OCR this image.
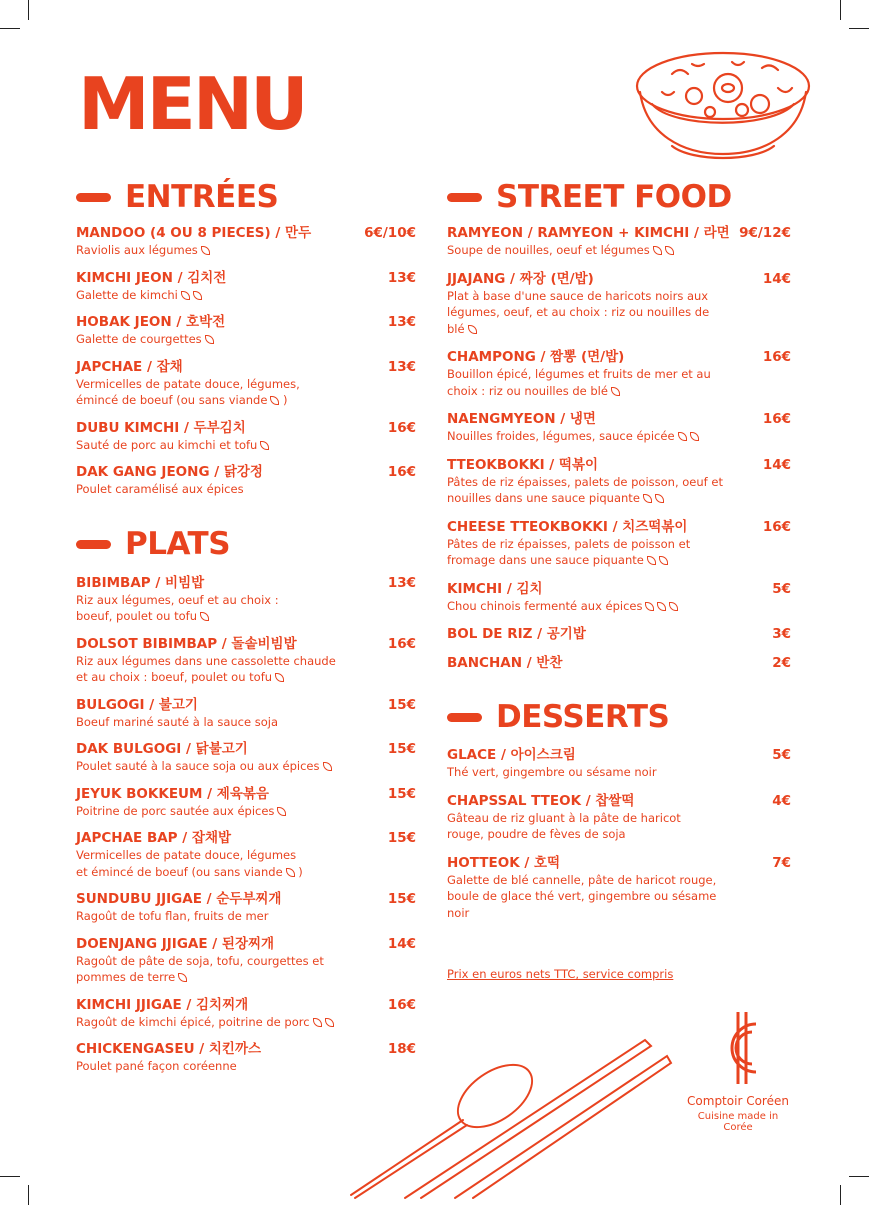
MENU
ENTRÉES
MANDOO (4 OU 8 PIECES) / 만두	6€/10€
Raviolis aux légumes
KIMCHI JEON / 김치전	13€
Galette de kimchi
HOBAK JEON / 호박전	13€
Galette de courgettes
JAPCHAE / 잡채	13€
Vermicelles de patate douce, légumes,
émincé de boeuf (ou sans viande )
DUBU KIMCHI / 두부김치	16€
Sauté de porc au kimchi et tofu
DAK GANG JEONG / 닭강정	16€
Poulet caramélisé aux épices
PLATS
BIBIMBAP / 비빔밥	13€
Riz aux légumes, oeuf et au choix :
boeuf, poulet ou tofu
DOLSOT BIBIMBAP / 돌솥비빔밥	16€
Riz aux légumes dans une cassolette chaude
et au choix : boeuf, poulet ou tofu
BULGOGI / 불고기	15€
Boeuf mariné sauté à la sauce soja
DAK BULGOGI / 닭불고기	15€
Poulet sauté à la sauce soja ou aux épices
JEYUK BOKKEUM / 제육볶음	15€
Poitrine de porc sautée aux épices
JAPCHAE BAP / 잡채밥	15€
Vermicelles de patate douce, légumes
et émincé de boeuf (ou sans viande )
SUNDUBU JJIGAE / 순두부찌개	15€
Ragoût de tofu flan, fruits de mer
DOENJANG JJIGAE / 된장찌개	14€
Ragoût de pâte de soja, tofu, courgettes et
pommes de terre
KIMCHI JJIGAE / 김치찌개	16€
Ragoût de kimchi épicé, poitrine de porc
CHICKENGASEU / 치킨까스	18€
Poulet pané façon coréenne
STREET FOOD
RAMYEON / RAMYEON + KIMCHI / 라면 9€/12€
Soupe de nouilles, oeuf et légumes
JJAJANG / 짜장 (면/밥)	14€
Plat à base d'une sauce de haricots noirs aux
légumes, oeuf, et au choix : riz ou nouilles de
blé
CHAMPONG / 짬뽕 (면/밥)	16€
Bouillon épicé, légumes et fruits de mer et au
choix : riz ou nouilles de blé
NAENGMYEON / 냉면	16€
Nouilles froides, légumes, sauce épicée
TTEOKBOKKI / 떡볶이	14€
Pâtes de riz épaisses, palets de poisson, oeuf et
nouilles dans une sauce piquante
CHEESE TTEOKBOKKI / 치즈떡볶이	16€
Pâtes de riz épaisses, palets de poisson et
fromage dans une sauce piquante
KIMCHI / 김치	5€
Chou chinois fermenté aux épices
BOL DE RIZ / 공기밥	3€
BANCHAN / 반찬	2€
DESSERTS
GLACE / 아이스크림	5€
Thé vert, gingembre ou sésame noir
CHAPSSAL TTEOK / 찹쌀떡	4€
Gâteau de riz gluant à la pâte de haricot
rouge, poudre de fèves de soja
HOTTEOK / 호떡	7€
Galette de blé cannelle, pâte de haricot rouge,
boule de glace thé vert, gingembre ou sésame
noir
Prix en euros nets TTC, service compris
Comptoir Coréen
Cuisine made in Corée
